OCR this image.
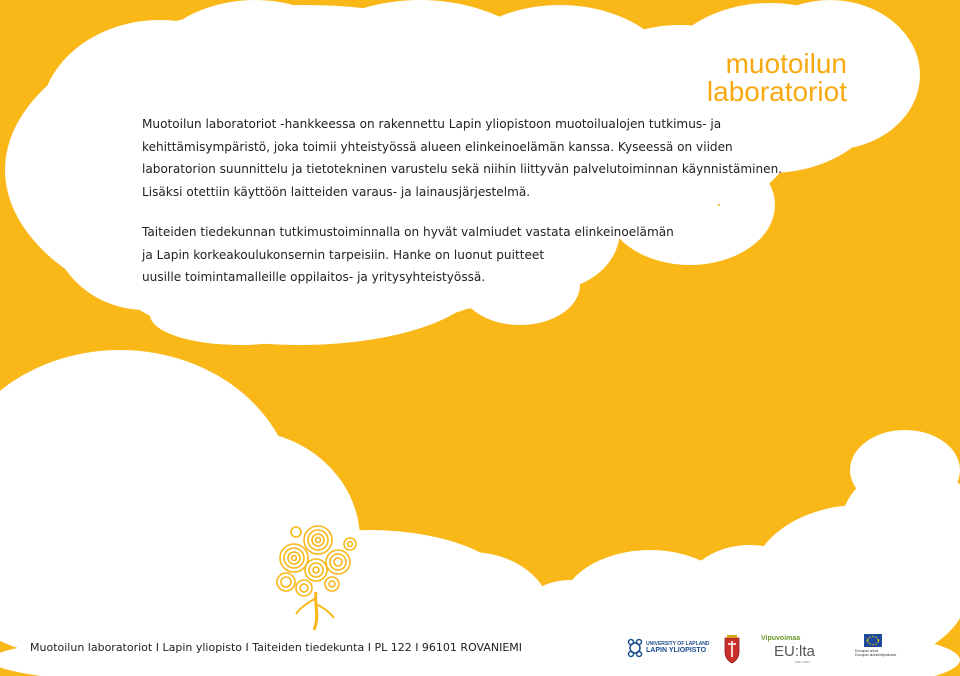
muotoilun
laboratoriot
Muotoilun laboratoriot -hankkeessa on rakennettu Lapin yliopistoon muotoilualojen tutkimus- ja
kehittämisympäristö, joka toimii yhteistyössä alueen elinkeinoelämän kanssa. Kyseessä on viiden
laboratorion suunnittelu ja tietotekninen varustelu sekä niihin liittyvän palvelutoiminnan käynnistäminen.
Lisäksi otettiin käyttöön laitteiden varaus- ja lainausjärjestelmä.
Taiteiden tiedekunnan tutkimustoiminnalla on hyvät valmiudet vastata elinkeinoelämän
ja Lapin korkeakoulukonsernin tarpeisiin. Hanke on luonut puitteet
uusille toimintamalleille oppilaitos- ja yritysyhteistyössä.
www.ulapland.fi/muotoilun_laboratoriot
Muotoilun laboratoriot I Lapin yliopisto I Taiteiden tiedekunta I PL 122 I 96101 ROVANIEMI	UNIVERSITY OF LAPLAND
LAPIN YLIOPISTO
Vipuvoimaa
EU:lta
2007–2013
Euroopan unioni
Euroopan aluekehitysrahasto
